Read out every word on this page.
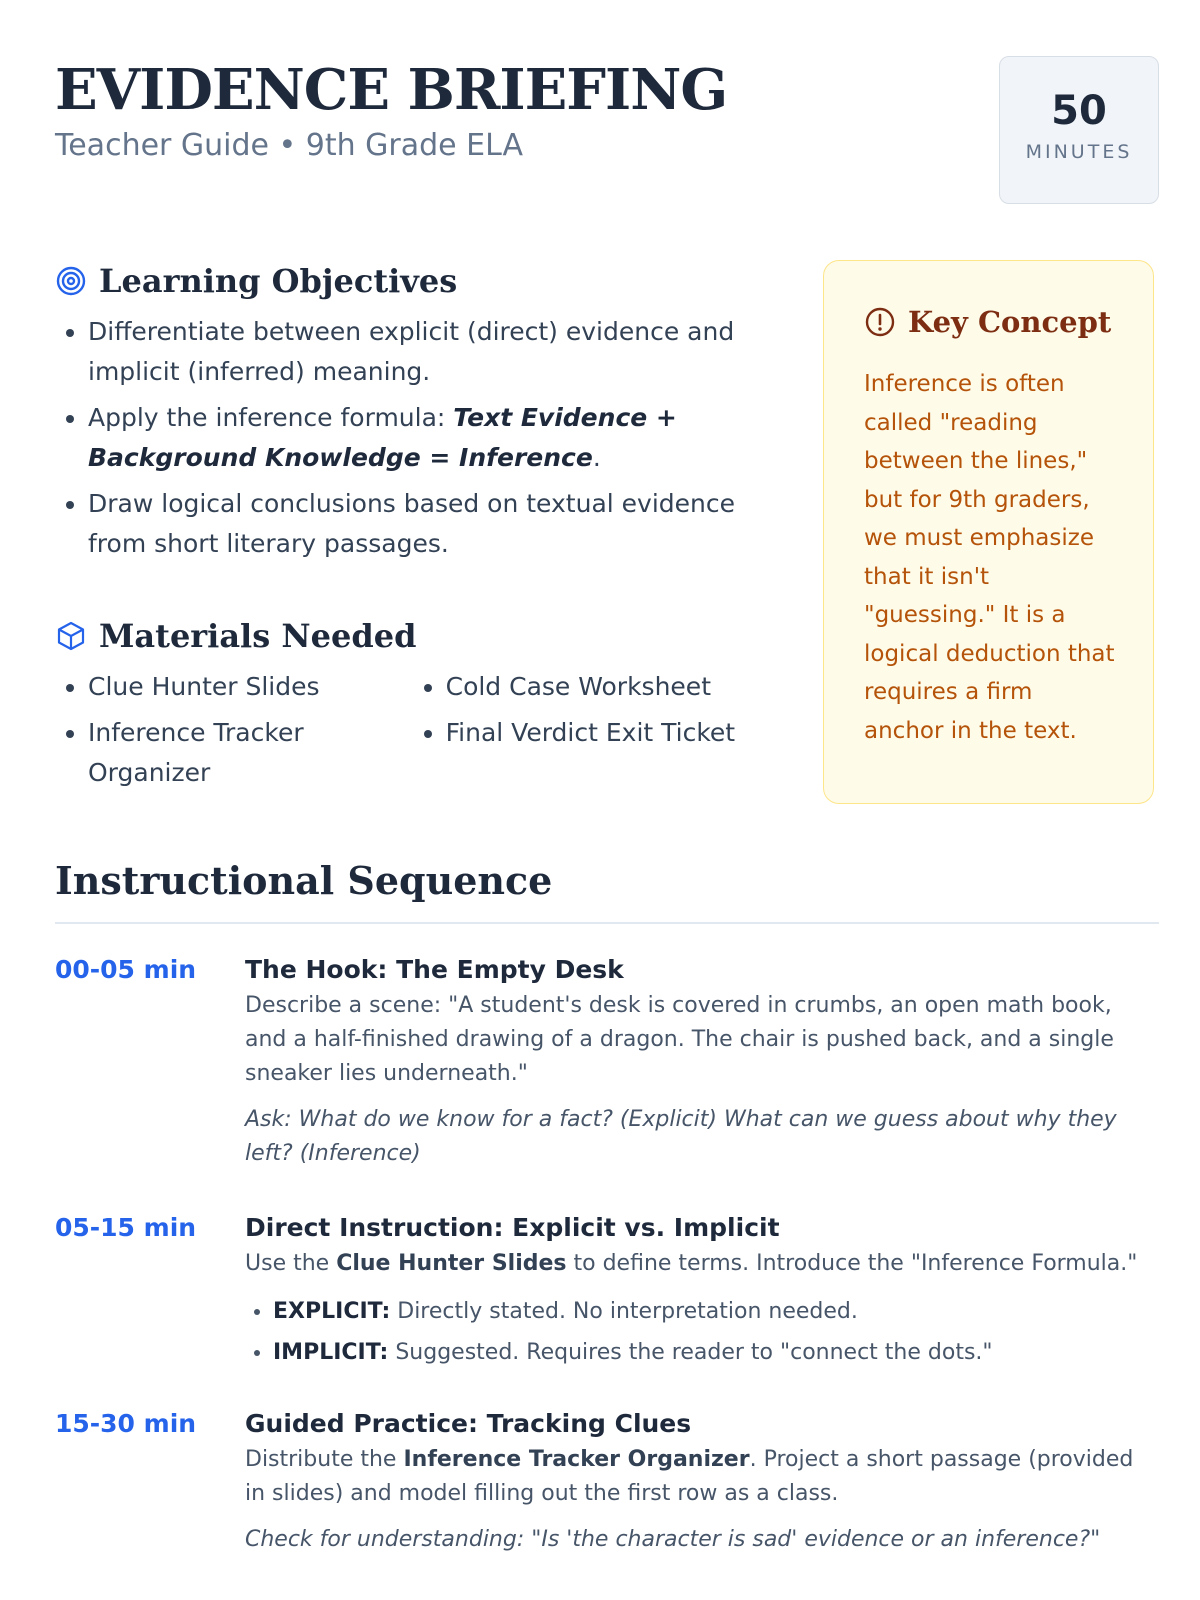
EVIDENCE BRIEFING
Teacher Guide • 9th Grade ELA
50
MINUTES
Learning Objectives
• Differentiate between explicit (direct) evidence and implicit (inferred) meaning.
• Apply the inference formula: Text Evidence + Background Knowledge = Inference.
• Draw logical conclusions based on textual evidence from short literary passages.
Materials Needed
• Clue Hunter Slides
• Inference Tracker Organizer
• Cold Case Worksheet
• Final Verdict Exit Ticket
Key Concept
Inference is often called "reading between the lines," but for 9th graders, we must emphasize that it isn't "guessing." It is a logical deduction that requires a firm anchor in the text.
Instructional Sequence
00-05 min	The Hook: The Empty Desk
Describe a scene: "A student's desk is covered in crumbs, an open math book, and a half-finished drawing of a dragon. The chair is pushed back, and a single sneaker lies underneath."
Ask: What do we know for a fact? (Explicit) What can we guess about why they left? (Inference)
05-15 min	Direct Instruction: Explicit vs. Implicit
Use the Clue Hunter Slides to define terms. Introduce the "Inference Formula."
• EXPLICIT: Directly stated. No interpretation needed.
• IMPLICIT: Suggested. Requires the reader to "connect the dots."
15-30 min	Guided Practice: Tracking Clues
Distribute the Inference Tracker Organizer. Project a short passage (provided in slides) and model filling out the first row as a class.
Check for understanding: "Is 'the character is sad' evidence or an inference?"
